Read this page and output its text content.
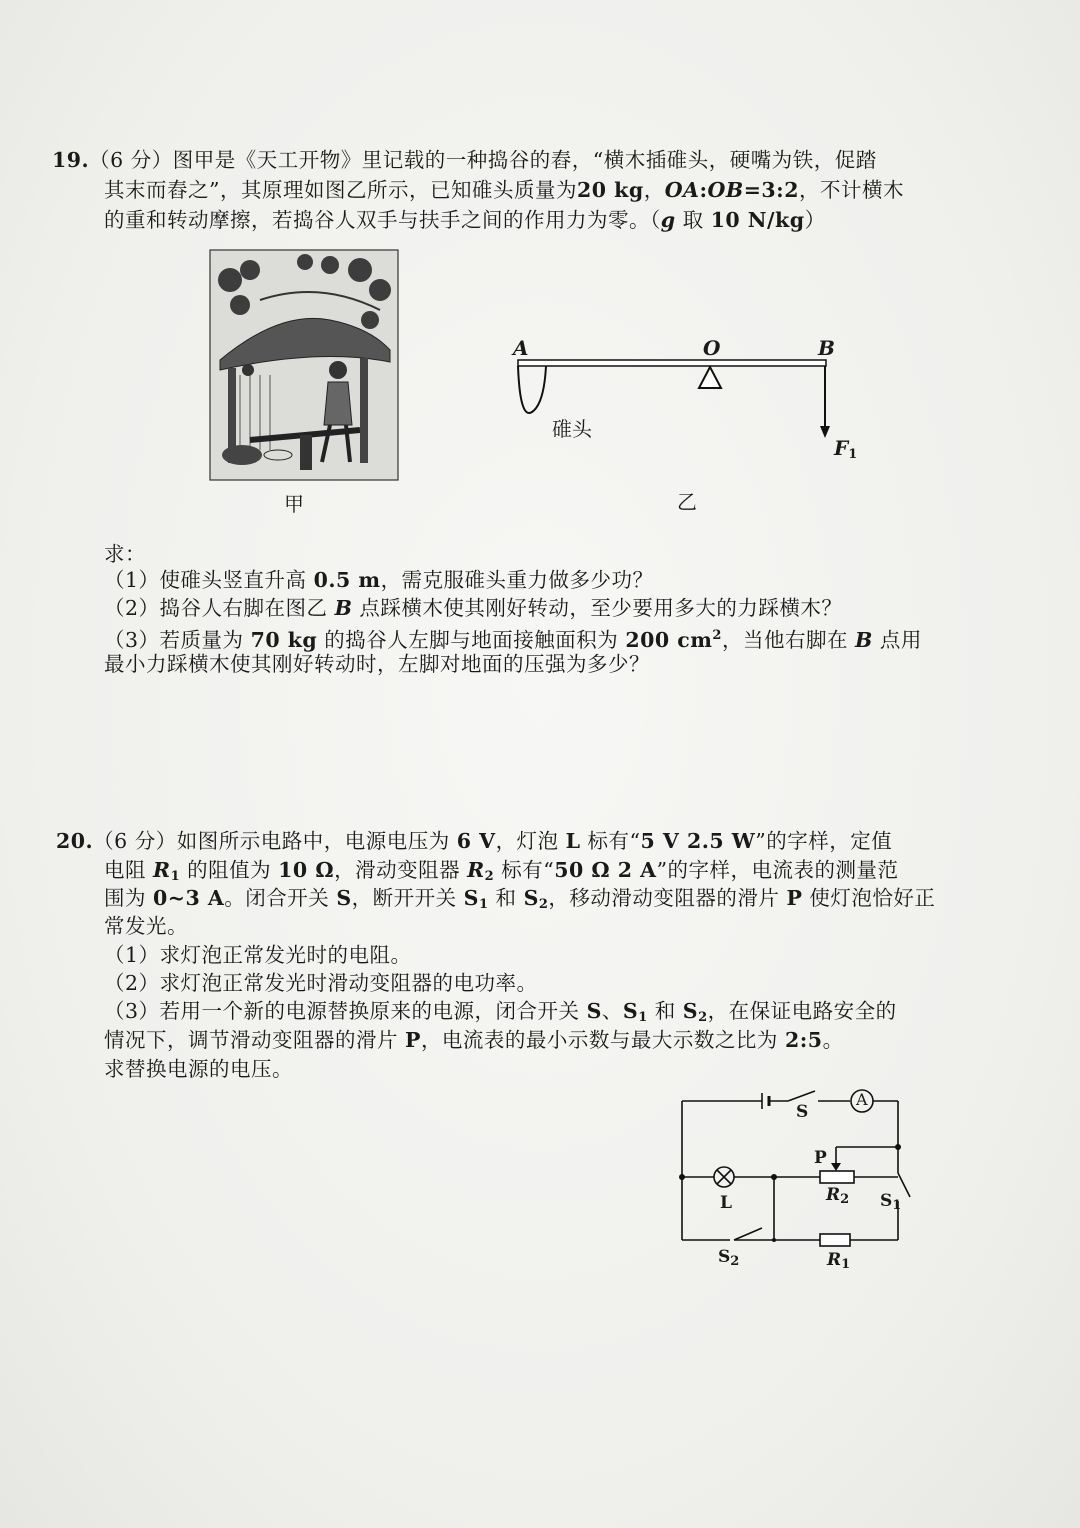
19.（6 分）图甲是《天工开物》里记载的一种捣谷的舂，“横木插碓头，硬嘴为铁，促踏
其末而舂之”，其原理如图乙所示，已知碓头质量为20 kg，OA:OB=3:2，不计横木
的重和转动摩擦，若捣谷人双手与扶手之间的作用力为零。（g 取 10 N/kg）
甲
A	O	B
$F_1$
碓头
乙
求：
（1）使碓头竖直升高 0.5 m，需克服碓头重力做多少功？
（2）捣谷人右脚在图乙 B 点踩横木使其刚好转动，至少要用多大的力踩横木？
（3）若质量为 70 kg 的捣谷人左脚与地面接触面积为 200 $cm^2$，当他右脚在 B 点用
最小力踩横木使其刚好转动时，左脚对地面的压强为多少？
20.（6 分）如图所示电路中，电源电压为 6 V，灯泡 L 标有“5 V 2.5 W”的字样，定值
电阻 $R_1$ 的阻值为 10 Ω，滑动变阻器 $R_2$ 标有“50 Ω 2 A”的字样，电流表的测量范
围为 0~3 A。闭合开关 S，断开开关 $S_1$ 和 $S_2$，移动滑动变阻器的滑片 P 使灯泡恰好正
常发光。
（1）求灯泡正常发光时的电阻。
（2）求灯泡正常发光时滑动变阻器的电功率。
（3）若用一个新的电源替换原来的电源，闭合开关 S、$S_1$ 和 $S_2$，在保证电路安全的
情况下，调节滑动变阻器的滑片 P，电流表的最小示数与最大示数之比为 2:5。
求替换电源的电压。
S
A
P
L	$R_2$ $S_1$
$S_2$	$R_1$
